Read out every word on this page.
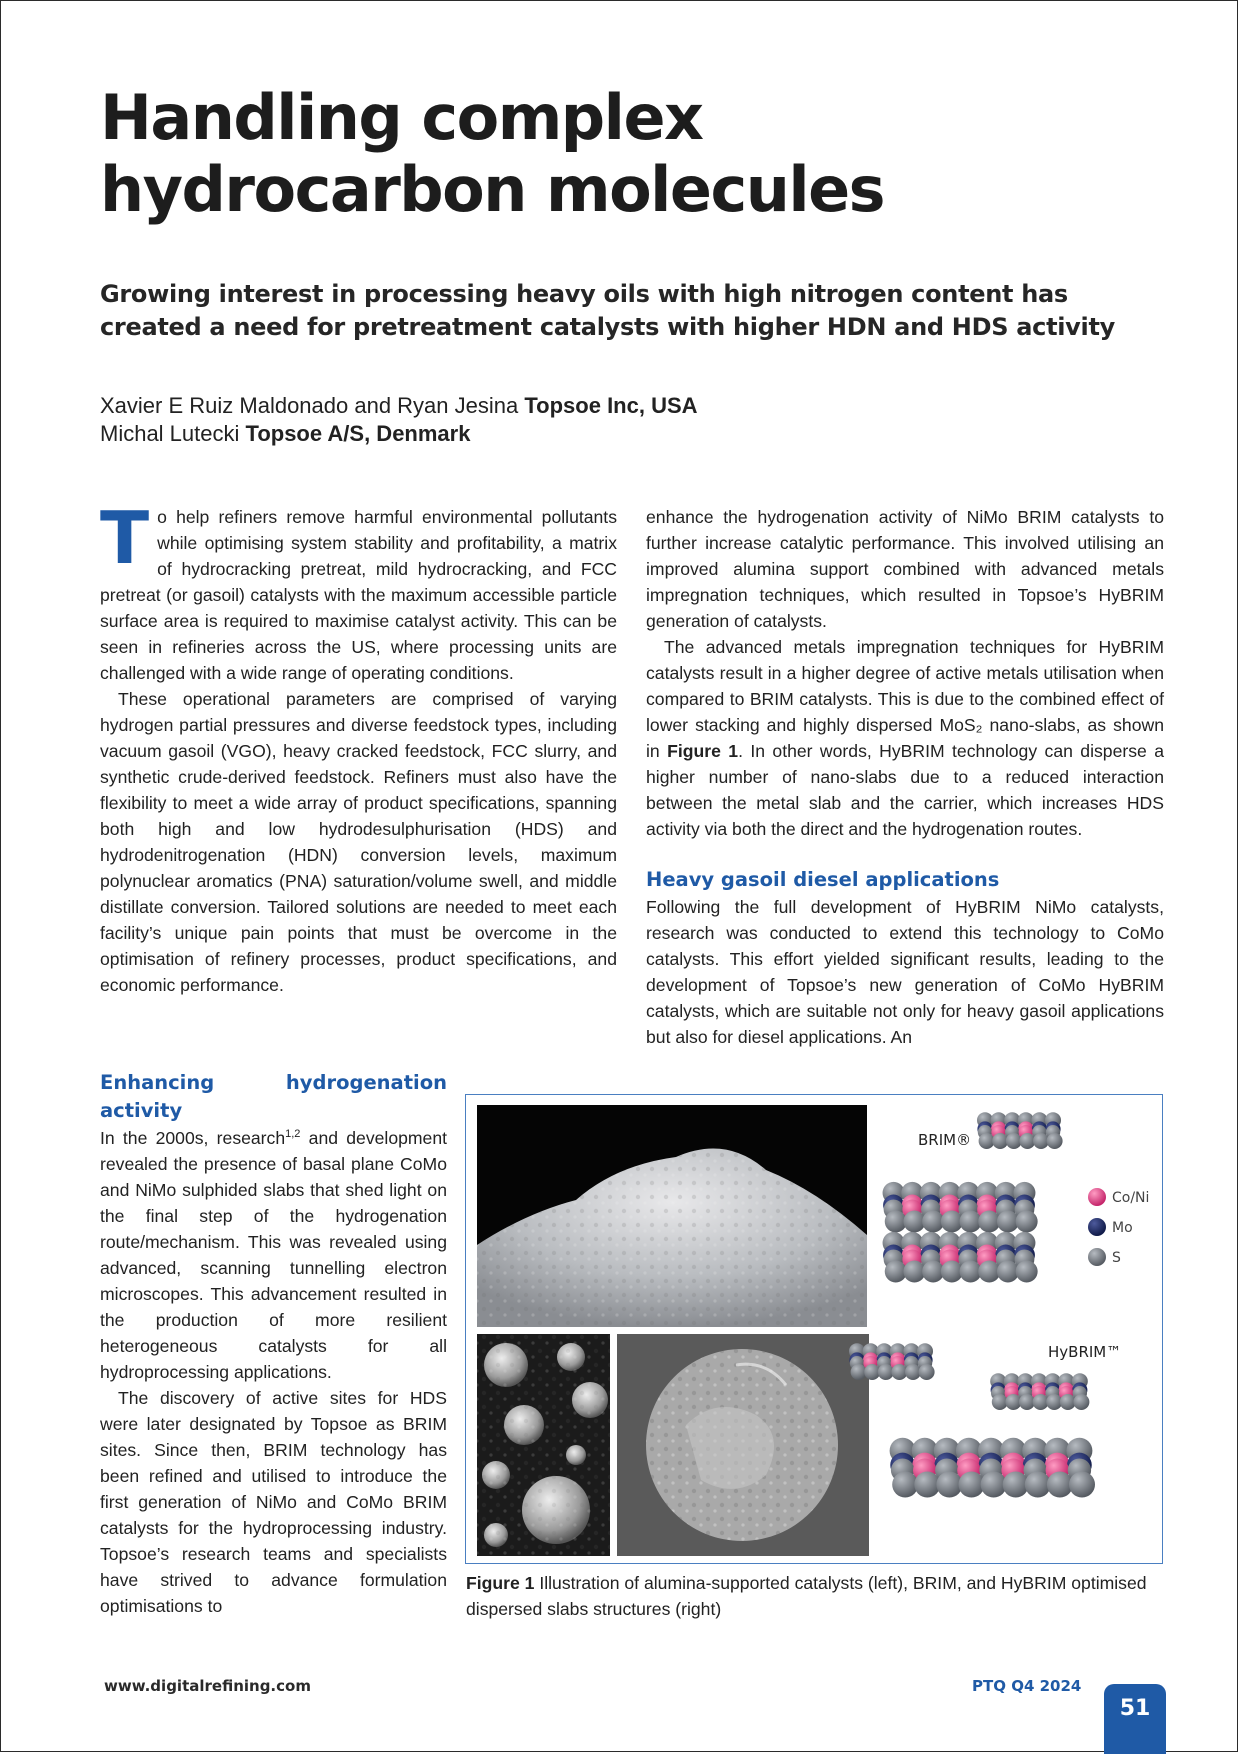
Handling complex hydrocarbon molecules
Growing interest in processing heavy oils with high nitrogen content has created a need for pretreatment catalysts with higher HDN and HDS activity
Xavier E Ruiz Maldonado and Ryan Jesina Topsoe Inc, USA
Michal Lutecki Topsoe A/S, Denmark

To help refiners remove harmful environmental pollutants while optimising system stability and profitability, a matrix of hydrocracking pretreat, mild hydrocracking, and FCC pretreat (or gasoil) catalysts with the maximum accessible particle surface area is required to maximise catalyst activity. This can be seen in refineries across the US, where processing units are challenged with a wide range of operating conditions.

These operational parameters are comprised of varying hydrogen partial pressures and diverse feedstock types, including vacuum gasoil (VGO), heavy cracked feedstock, FCC slurry, and synthetic crude-derived feedstock. Refiners must also have the flexibility to meet a wide array of product specifications, spanning both high and low hydrodesulphurisation (HDS) and hydrodenitrogenation (HDN) conversion levels, maximum polynuclear aromatics (PNA) saturation/volume swell, and middle distillate conversion. Tailored solutions are needed to meet each facility’s unique pain points that must be overcome in the optimisation of refinery processes, product specifications, and economic performance.

Enhancing hydrogenation activity

In the 2000s, research$^{1,2}$ and development revealed the presence of basal plane CoMo and NiMo sulphided slabs that shed light on the final step of the hydrogenation route/mechanism. This was revealed using advanced, scanning tunnelling electron microscopes. This advancement resulted in the production of more resilient heterogeneous catalysts for all hydroprocessing applications.

The discovery of active sites for HDS were later designated by Topsoe as BRIM sites. Since then, BRIM technology has been refined and utilised to introduce the first generation of NiMo and CoMo BRIM catalysts for the hydroprocessing industry. Topsoe’s research teams and specialists have strived to advance formulation optimisations to

enhance the hydrogenation activity of NiMo BRIM catalysts to further increase catalytic performance. This involved utilising an improved alumina support combined with advanced metals impregnation techniques, which resulted in Topsoe’s HyBRIM generation of catalysts.

The advanced metals impregnation techniques for HyBRIM catalysts result in a higher degree of active metals utilisation when compared to BRIM catalysts. This is due to the combined effect of lower stacking and highly dispersed MoS₂ nano-slabs, as shown in Figure 1. In other words, HyBRIM technology can disperse a higher number of nano-slabs due to a reduced interaction between the metal slab and the carrier, which increases HDS activity via both the direct and the hydrogenation routes.

Heavy gasoil diesel applications

Following the full development of HyBRIM NiMo catalysts, research was conducted to extend this technology to CoMo catalysts. This effort yielded significant results, leading to the development of Topsoe’s new generation of CoMo HyBRIM catalysts, which are suitable not only for heavy gasoil applications but also for diesel applications. An

BRIM®
HyBRIM™
Co/Ni
Mo
S
Figure 1 Illustration of alumina-supported catalysts (left), BRIM, and HyBRIM optimised dispersed slabs structures (right)
www.digitalrefining.com	PTQ Q4 2024
51
